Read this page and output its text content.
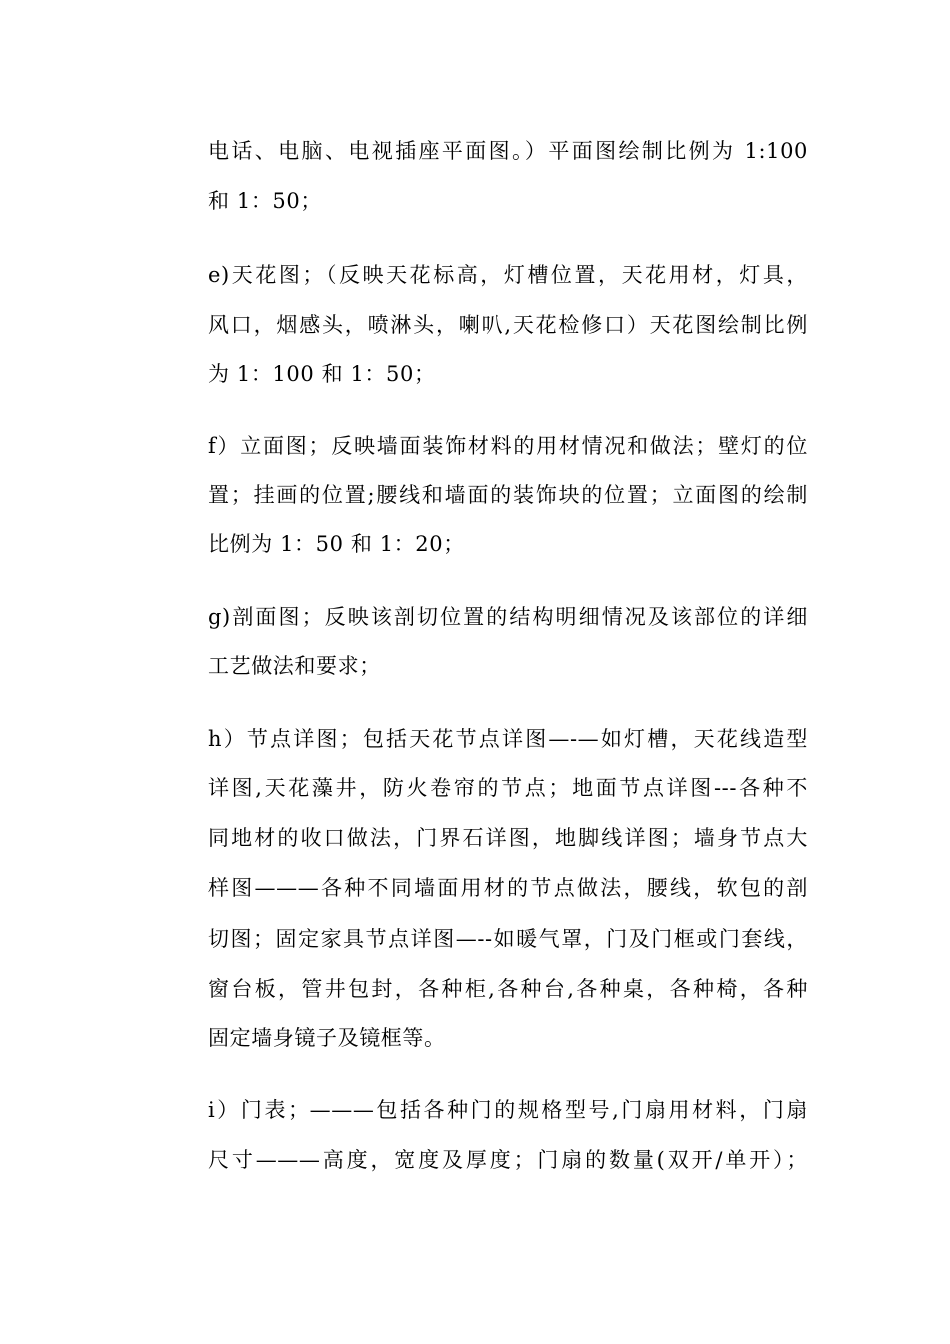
电话、电脑、电视插座平面图。）平面图绘制比例为 1:100
和 1：50；
e)天花图；（反映天花标高，灯槽位置，天花用材，灯具，
风口，烟感头，喷淋头，喇叭,天花检修口）天花图绘制比例
为 1：100 和 1：50；
f）立面图；反映墙面装饰材料的用材情况和做法；壁灯的位
置；挂画的位置;腰线和墙面的装饰块的位置；立面图的绘制
比例为 1：50 和 1：20；
g)剖面图；反映该剖切位置的结构明细情况及该部位的详细
工艺做法和要求；
h）节点详图；包括天花节点详图—-—如灯槽，天花线造型
详图,天花藻井，防火卷帘的节点；地面节点详图---各种不
同地材的收口做法，门界石详图，地脚线详图；墙身节点大
样图———各种不同墙面用材的节点做法，腰线，软包的剖
切图；固定家具节点详图—--如暖气罩，门及门框或门套线，
窗台板，管井包封，各种柜,各种台,各种桌，各种椅，各种
固定墙身镜子及镜框等。
i）门表；———包括各种门的规格型号,门扇用材料，门扇
尺寸———高度，宽度及厚度；门扇的数量(双开/单开）；
